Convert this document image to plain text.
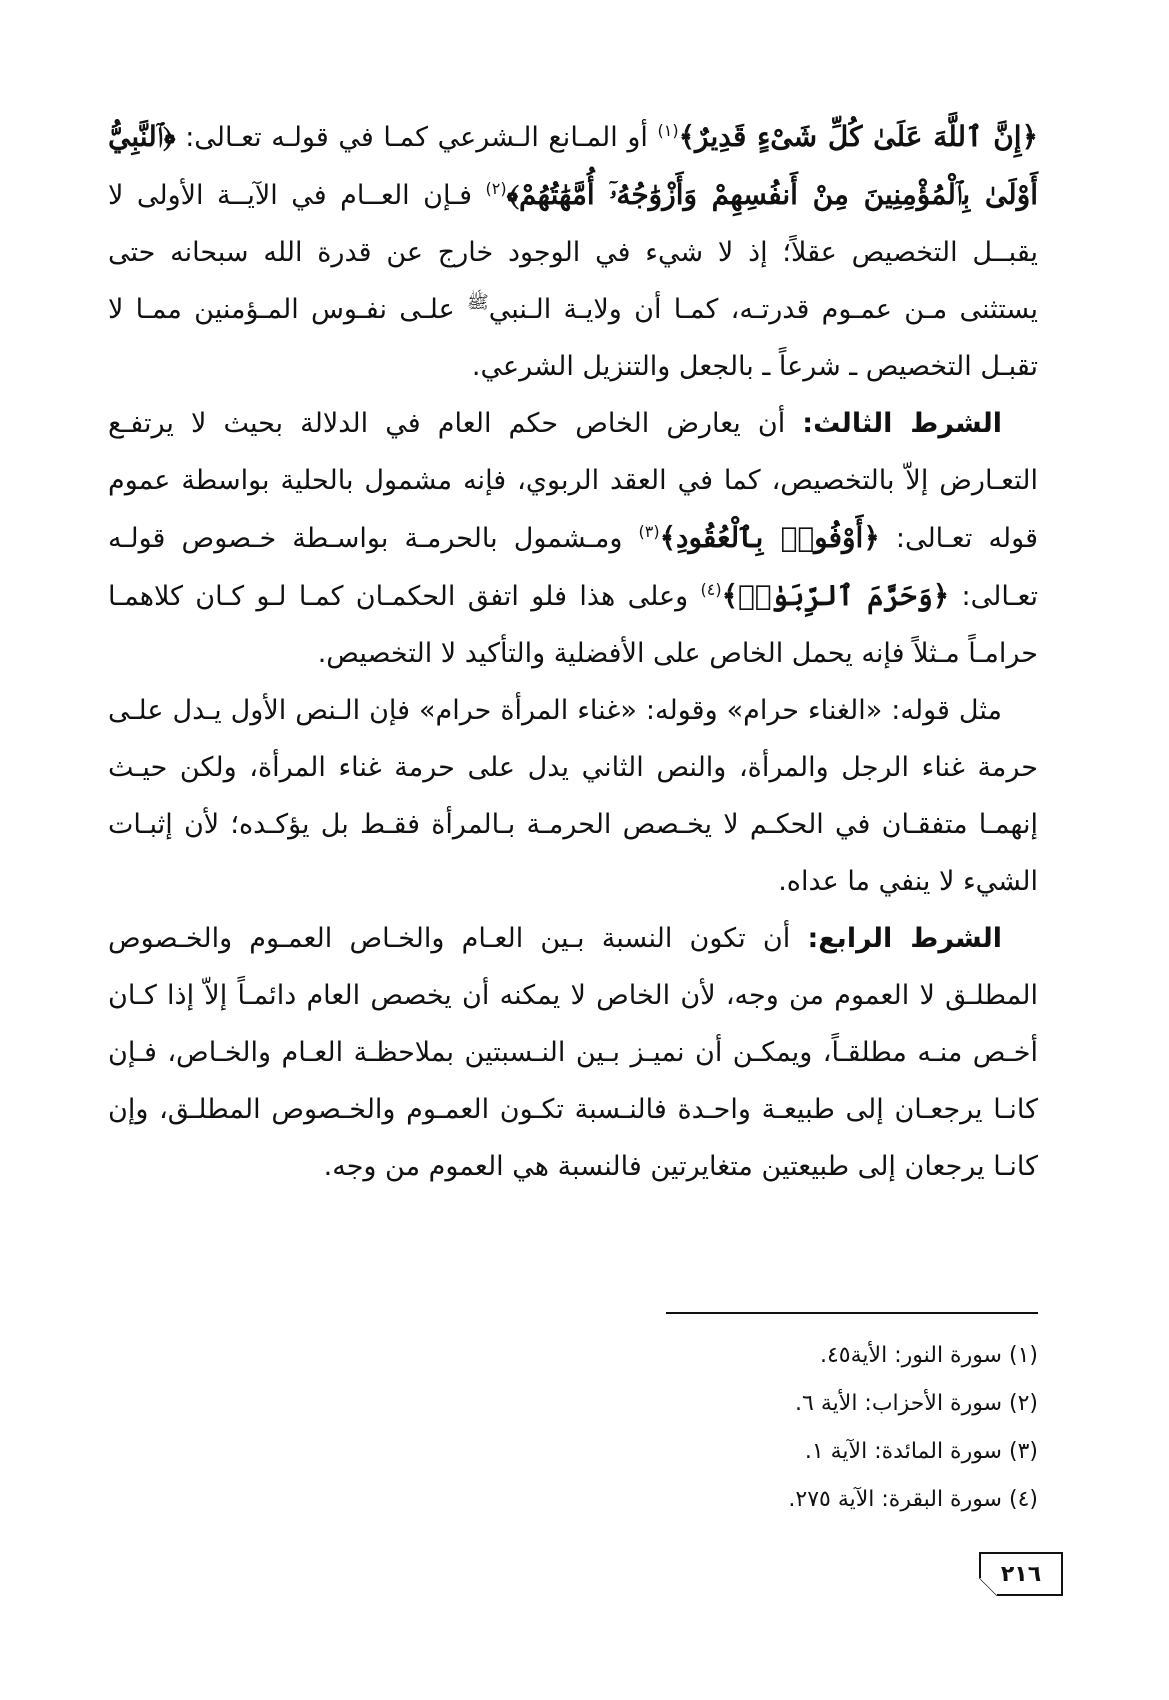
﴿إِنَّ ٱللَّهَ عَلَىٰ كُلِّ شَىْءٍ قَدِيرٌ﴾$^{(١)}$ أو المـانع الـشرعي كمـا في قولـه تعـالى: ﴿ٱلنَّبِيُّ أَوْلَىٰ بِٱلْمُؤْمِنِينَ مِنْ أَنفُسِهِمْ وَأَزْوَٰجُهُۥٓ أُمَّهَٰتُهُمْ﴾$^{(٢)}$ فـإن العــام في الآيــة الأولى لا يقبــل التخصيص عقلاً؛ إذ لا شيء في الوجود خارج عن قدرة الله سبحانه حتى يستثنى مـن عمـوم قدرتـه، كمـا أن ولايـة الـنبي$^ﷺ$ علـى نفـوس المـؤمنين ممـا لا تقبـل التخصيص ـ شرعاً ـ بالجعل والتنزيل الشرعي.

الشرط الثالث: أن يعارض الخاص حكم العام في الدلالة بحيث لا يرتفـع التعـارض إلاّ بالتخصيص، كما في العقد الربوي، فإنه مشمول بالحلية بواسطة عموم قوله تعـالى: ﴿أَوْفُوا۟ بِٱلْعُقُودِ﴾$^{(٣)}$ ومـشمول بالحرمـة بواسـطة خـصوص قولـه تعـالى: ﴿وَحَرَّمَ ٱلرِّبَوٰا۟﴾$^{(٤)}$ وعلى هذا فلو اتفق الحكمـان كمـا لـو كـان كلاهمـا حرامـاً مـثلاً فإنه يحمل الخاص على الأفضلية والتأكيد لا التخصيص.

مثل قوله: «الغناء حرام» وقوله: «غناء المرأة حرام» فإن الـنص الأول يـدل علـى حرمة غناء الرجل والمرأة، والنص الثاني يدل على حرمة غناء المرأة، ولكن حيـث إنهمـا متفقـان في الحكـم لا يخـصص الحرمـة بـالمرأة فقـط بل يؤكـده؛ لأن إثبـات الشيء لا ينفي ما عداه.

الشرط الرابع: أن تكون النسبة بـين العـام والخـاص العمـوم والخـصوص المطلـق لا العموم من وجه، لأن الخاص لا يمكنه أن يخصص العام دائمـاً إلاّ إذا كـان أخـص منـه مطلقـاً، ويمكـن أن نميـز بـين النـسبتين بملاحظـة العـام والخـاص، فـإن كانـا يرجعـان إلى طبيعـة واحـدة فالنـسبة تكـون العمـوم والخـصوص المطلـق، وإن كانـا يرجعان إلى طبيعتين متغايرتين فالنسبة هي العموم من وجه.

(١) سورة النور: الأية٤٥.
(٢) سورة الأحزاب: الأية ٦.
(٣) سورة المائدة: الآية ١.
(٤) سورة البقرة: الآية ٢٧٥.
٢١٦
